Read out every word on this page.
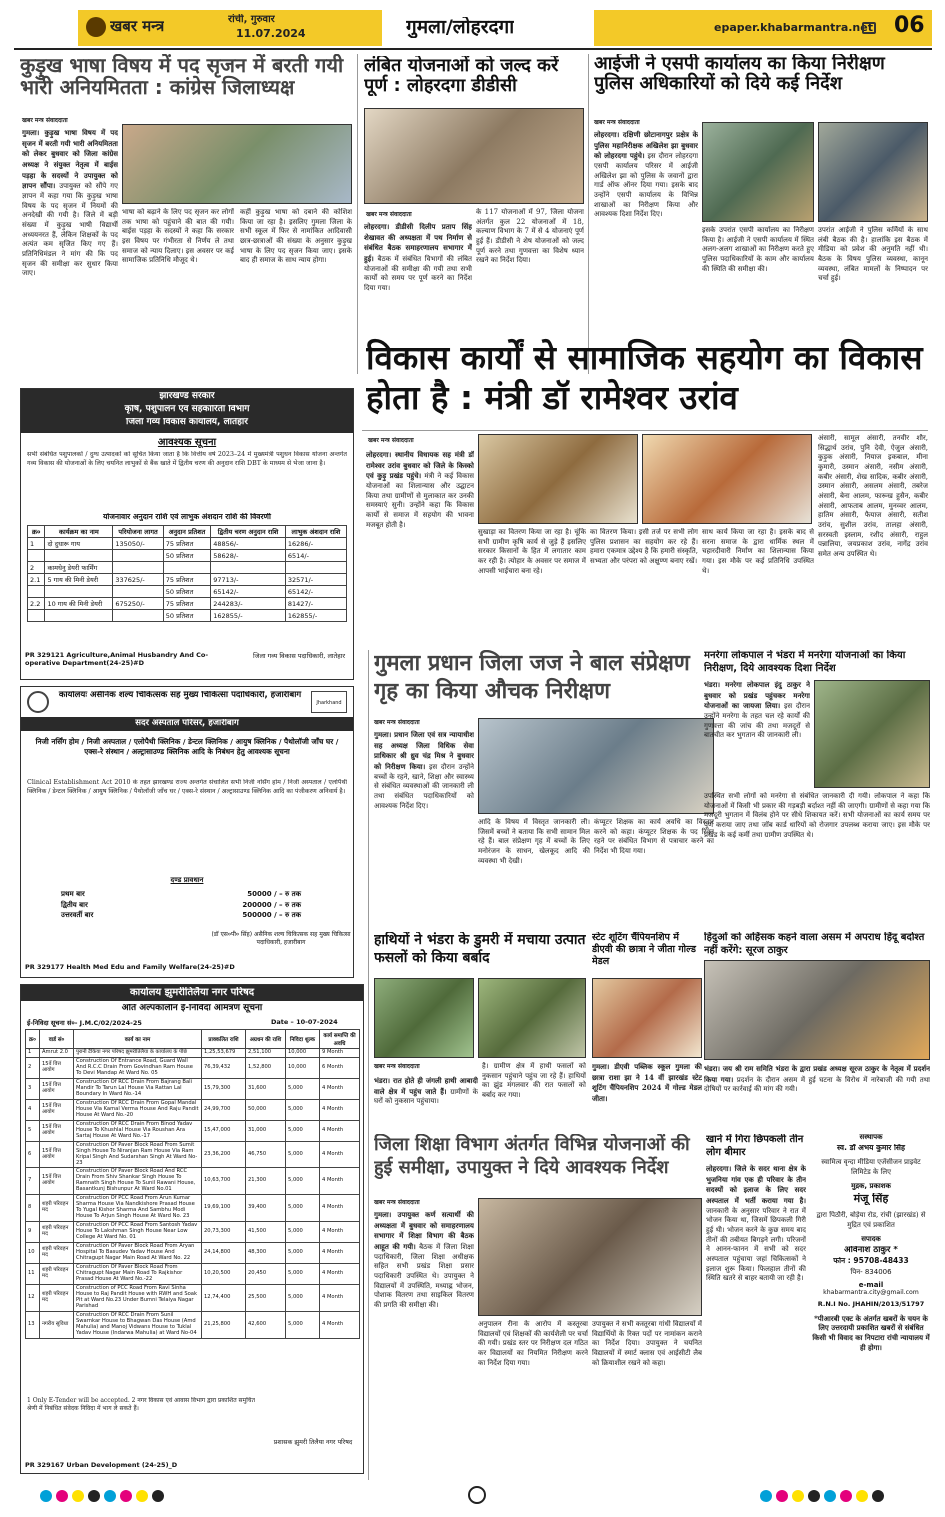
खबर मन्त्र	रांची, गुरुवार
11.07.2024	गुमला/लोहरदगा	epaper.khabarmantra.net 06
कुड़ुख भाषा विषय में पद सृजन में बरती गयी भारी अनियमितता : कांग्रेस जिलाध्यक्ष
खबर मन्त्र संवाददाता
गुमला। कुड़ुख भाषा विषय में पद सृजन में बरती गयी भारी अनियमितता को लेकर बुधवार को जिला कांग्रेस अध्यक्ष ने संयुक्त नेतृत्व में बाईस पड़हा के सदस्यों ने उपायुक्त को ज्ञापन सौंपा। उपायुक्त को सौंपे गए ज्ञापन में कहा गया कि कुड़ुख भाषा विषय के पद सृजन में नियमों की अनदेखी की गयी है। जिले में बड़ी संख्या में कुड़ुख भाषी विद्यार्थी अध्ययनरत हैं, लेकिन शिक्षकों के पद अत्यंत कम सृजित किए गए हैं। प्रतिनिधिमंडल ने मांग की कि पद सृजन की समीक्षा कर सुधार किया जाए।
भाषा को बढ़ाने के लिए पद सृजन कर लोगों तक भाषा को पहुंचाने की बात की गयी। बाईस पड़हा के सदस्यों ने कहा कि सरकार इस विषय पर गंभीरता से निर्णय ले तथा समाज को न्याय दिलाए। इस अवसर पर कई सामाजिक प्रतिनिधि मौजूद थे।
कहीं कुड़ुख भाषा को दबाने की कोशिश किया जा रहा है। इसलिए गुमला जिला के सभी स्कूल में फिर से नामांकित आदिवासी छात्र-छात्राओं की संख्या के अनुसार कुड़ुख भाषा के लिए पद सृजन किया जाए। इसके बाद ही समाज के साथ न्याय होगा।
लंबित योजनाओं को जल्द करें पूर्ण : लोहरदगा डीडीसी
खबर मन्त्र संवाददाता
लोहरदगा। डीडीसी दिलीप प्रताप सिंह शेखावत की अध्यक्षता में पथ निर्माण से संबंधित बैठक समाहरणालय सभागार में हुई। बैठक में संबंधित विभागों की लंबित योजनाओं की समीक्षा की गयी तथा सभी कार्यों को समय पर पूर्ण करने का निर्देश दिया गया।
के 117 योजनाओं में 97, जिला योजना अंतर्गत कुल 22 योजनाओं में 18, कल्याण विभाग के 7 में से 4 योजनाएं पूर्ण हुई हैं। डीडीसी ने शेष योजनाओं को जल्द पूर्ण करने तथा गुणवत्ता का विशेष ध्यान रखने का निर्देश दिया।
आईजी ने एसपी कार्यालय का किया निरीक्षण पुलिस अधिकारियों को दिये कई निर्देश
खबर मन्त्र संवाददाता
लोहरदगा। दक्षिणी छोटानागपुर प्रक्षेत्र के पुलिस महानिरीक्षक अखिलेश झा बुधवार को लोहरदगा पहुंचे। इस दौरान लोहरदगा एसपी कार्यालय परिसर में आईजी अखिलेश झा को पुलिस के जवानों द्वारा गार्ड ऑफ ऑनर दिया गया। इसके बाद उन्होंने एसपी कार्यालय के विभिन्न शाखाओं का निरीक्षण किया और आवश्यक दिशा निर्देश दिए।
इसके उपरांत एसपी कार्यालय का निरीक्षण किया है। आईजी ने एसपी कार्यालय में स्थित अलग-अलग शाखाओं का निरीक्षण करते हुए पुलिस पदाधिकारियों के काम और कार्यालय की स्थिति की समीक्षा की।
उपरांत आईजी ने पुलिस कर्मियों के साथ लंबी बैठक की है। हालांकि इस बैठक में मीडिया को प्रवेश की अनुमति नहीं थी। बैठक के विषय पुलिस व्यवस्था, कानून व्यवस्था, लंबित मामलों के निष्पादन पर चर्चा हुई।
विकास कार्यों से सामाजिक सहयोग का विकास होता है : मंत्री डॉ रामेश्वर उरांव
खबर मन्त्र संवाददाता
लोहरदगा। स्थानीय विधायक सह मंत्री डॉ रामेश्वर उरांव बुधवार को जिले के किस्को एवं कुड़ु प्रखंड पहुंचे। मंत्री ने कई विकास योजनाओं का शिलान्यास और उद्घाटन किया तथा ग्रामीणों से मुलाकात कर उनकी समस्याएं सुनी। उन्होंने कहा कि विकास कार्यों से समाज में सहयोग की भावना मजबूत होती है।
सुखाड़ा का वितरण किया जा रहा है। चूंकि सभी ग्रामीण कृषि कार्य से जुड़े हैं इसलिए सरकार किसानों के हित में लगातार काम कर रही है। त्योहार के अवसर पर समाज में आपसी भाईचारा बना रहे।
का वितरण किया। इसी तर्ज पर सभी लोग पुलिस प्रशासन का सहयोग कर रहे हैं। हमारा एकमात्र उद्देश्य है कि हमारी संस्कृति, सभ्यता और परंपरा को अक्षुण्ण बनाए रखें।
साथ कार्य किया जा रहा है। इसके बाद से सरना समाज के द्वारा धार्मिक स्थल में चहारदीवारी निर्माण का शिलान्यास किया गया। इस मौके पर कई प्रतिनिधि उपस्थित थे।
अंसारी, सामूल अंसारी, तनवीर शौर, सिद्धार्थ उरांव, पुनि देवी, ऐजुल अंसारी, कुड़ुक अंसारी, नियाज इकबाल, मीना कुमारी, उस्मान अंसारी, नसीम अंसारी, कबीर अंसारी, शेख सादिक, कबीर अंसारी, उस्मान अंसारी, असलम अंसारी, तबरेज अंसारी, बेना आलम, फारूख हुसैन, कबीर अंसारी, आफताब आलम, मुनव्वर आलम, हातिम अंसारी, फैयाज अंसारी, सतीश उरांव, सुशील उरांव, तालहा अंसारी, सरस्वती इस्लाम, रशीद अंसारी, राहुल पन्नालिया, जयप्रकाश उरांव, नागेंद्र उरांव समेत अन्य उपस्थित थे।
झारखण्ड सरकार
कृषि, पशुपालन एवं सहकारिता विभाग
जिला गव्य विकास कार्यालय, लातेहार
आवश्यक सूचना
सभी संबंधित पशुपालकों / दुग्ध उत्पादकों को सूचित किया जाता है कि वित्तीय वर्ष 2023–24 में मुख्यमंत्री पशुधन विकास योजना अन्तर्गत गव्य विकास की योजनाओं के लिए चयनित लाभुकों से बैंक खाते में द्वितीय चरण की अनुदान राशि DBT के माध्यम से भेजा जाना है।
योजनावार अनुदान राशि एवं लाभुक अंशदान राशि की विवरणी
क्र०	कार्यक्रम का नाम	परियोजना लागत	अनुदान प्रतिशत	द्वितीय चरण अनुदान राशि	लाभुक अंशदान राशि
1	दो दुधारू गाय	135050/-	75 प्रतिशत	48856/-	16286/-
			50 प्रतिशत	58628/-	6514/-
2	कामधेनु डेयरी फार्मिंग				
2.1	5 गाय की मिनी डेयरी	337625/-	75 प्रतिशत	97713/-	32571/-
			50 प्रतिशत	65142/-	65142/-
2.2	10 गाय की मिनी डेयरी	675250/-	75 प्रतिशत	244283/-	81427/-
			50 प्रतिशत	162855/-	162855/-
PR 329121 Agriculture,Animal Husbandry And Co-operative Department(24-25)#D
जिला गव्य विकास पदाधिकारी, लातेहार
Jharkhand
कार्यालयः असैनिक शल्य चिकित्सक सह मुख्य चिकित्सा पदाधिकारी, हजारीबाग
सदर अस्पताल परिसर, हजारीबाग
निजी नर्सिंग होम / निजी अस्पताल / एलोपैथी क्लिनिक / डेन्टल क्लिनिक / आयुष क्लिनिक / पैथोलॉजी जाँच घर / एक्स-रे संस्थान / अल्ट्रासाउण्ड क्लिनिक आदि के निबंधन हेतु आवश्यक सूचना
Clinical Establishment Act 2010 के तहत झारखण्ड राज्य अन्तर्गत संचालित सभी निजी नर्सिंग होम / निजी अस्पताल / एलोपैथी क्लिनिक / डेन्टल क्लिनिक / आयुष क्लिनिक / पैथोलॉजी जाँच घर / एक्स-रे संस्थान / अल्ट्रासाउण्ड क्लिनिक आदि का पंजीकरण अनिवार्य है।
दण्ड प्रावधान
प्रथम बार	50000 / – रु तक
द्वितीय बार	200000 / – रु तक
उत्तरवर्ती बार	500000 / – रु तक
(डॉ एस०पी० सिंह) असैनिक शल्य चिकित्सक सह मुख्य चिकित्सा पदाधिकारी, हजारीबाग
PR 329177 Health Med Edu and Family Welfare(24-25)#D
कार्यालय झुमरीतिलैया नगर परिषद
अति अल्पकालीन ई-निविदा आमंत्रण सूचना
ई-निविदा सूचना सं०- J.M.C/02/2024-25	Date – 10-07-2024
क्र०	वार्ड सं०	कार्य का नाम	प्राक्कलित राशि	अग्रधन की राशि	निविदा शुल्क	कार्य समाप्ति की अवधि
1	Amrut 2.0	पुरानी टैंकिया नगर परिषद झुमरीतिलैया के कार्यालय के पीछे	1,25,53,679	2,51,100	10,000	9 Month
2	15वें वित्त आयोग	Construction Of Entrance Road, Guard Wall And R.C.C Drain From Govindhan Ram House To Devi Mandap At Ward No. 05	76,39,432	1,52,800	10,000	6 Month
3	15वें वित्त आयोग	Construction Of RCC Drain From Bajrang Bali Mandir To Tarun Lal House Via Rattan Lal Boundary In Ward No.-14	15,79,300	31,600	5,000	4 Month
4	15वें वित्त आयोग	Construction Of RCC Drain From Gopal Mandal House Via Kamal Verma House And Raju Pandit House At Ward No.-20	24,99,700	50,000	5,000	4 Month
5	15वें वित्त आयोग	Construction Of RCC Drain From Binod Yadav House To Khushlal House Via Roushan Ara Sartaj House At Ward No.-17	15,47,000	31,000	5,000	4 Month
6	15वें वित्त आयोग	Construction Of Paver Block Road From Sumit Singh House To Niranjan Ram House Via Ram Kripal Singh And Sudarshan Singh At Ward No-23	23,36,200	46,750	5,000	4 Month
7	15वें वित्त आयोग	Construction Of Paver Block Road And RCC Drain From Shiv Shankar Singh House To Ramnath Singh House To Sunil Rawani House, Basantkunj Bishunpur At Ward No.01	10,63,700	21,300	5,000	4 Month
8	शहरी परिवहन मद	Construction Of PCC Road From Arun Kumar Sharma House Via Nandkishore Prasad House To Yugal Kishor Sharma And Sambhu Modi House To Arjun Singh House At Ward No. 23	19,69,100	39,400	5,000	4 Month
9	शहरी परिवहन मद	Construction Of PCC Road From Santosh Yadav House To Lakshman Singh House Near Low College At Ward No. 01	20,73,300	41,500	5,000	4 Month
10	शहरी परिवहन मद	Construction Of Paver Block Road From Aryan Hospital To Basudev Yadav House And Chitragupt Nagar Main Road At Ward No. 22	24,14,800	48,300	5,000	4 Month
11	शहरी परिवहन मद	Construction Of Paver Block Road From Chitragupt Nagar Main Road To Rajkishor Prasad House At Ward No.-22	10,20,500	20,450	5,000	4 Month
12	शहरी परिवहन मद	Construction of PCC Road From Ravi Sinha House to Raj Pandit House with RWH and Soak Pit at Ward No.23 Under Bumni Telaiya Nagar Parishad	12,74,400	25,500	5,000	4 Month
13	नगरीय सुविधा	Construction Of RCC Drain From Sunil Swarnkar House to Bhagwan Das House (Amd Mahulia) and Manoj Vidwans House to Tuklal Yadav House (Indarwa Mahulia) at Ward No-04	21,25,800	42,600	5,000	4 Month
1 Only E-Tender will be accepted. 2 नगर विकास एवं आवास विभाग द्वारा प्रकाशित समुचित श्रेणी में निबंधित संवेदक निविदा में भाग ले सकते हैं।
प्रशासक झुमरी तिलैया नगर परिषद
PR 329167 Urban Development (24-25)_D
गुमला प्रधान जिला जज ने बाल संप्रेक्षण गृह का किया औचक निरीक्षण
खबर मन्त्र संवाददाता
गुमला। प्रधान जिला एवं सत्र न्यायाधीश सह अध्यक्ष जिला विधिक सेवा प्राधिकार श्री ध्रुव चंद्र मिश्र ने बुधवार को निरीक्षण किया। इस दौरान उन्होंने बच्चों के रहने, खाने, शिक्षा और स्वास्थ्य से संबंधित व्यवस्थाओं की जानकारी ली तथा संबंधित पदाधिकारियों को आवश्यक निर्देश दिए।
आदि के विषय में विस्तृत जानकारी ली। जिसमें बच्चों ने बताया कि सभी सामान मिल रहे हैं। बाल संप्रेक्षण गृह में बच्चों के लिए मनोरंजन के साधन, खेलकूद आदि की व्यवस्था भी देखी।
कंप्यूटर शिक्षक का कार्य अवधि का विस्तार करने को कहा। कंप्यूटर शिक्षक के पद रिक्त रहने पर संबंधित विभाग से पत्राचार करने का निर्देश भी दिया गया।
मनरेगा लोकपाल ने भंडरा में मनरेगा योजनाओं का किया निरीक्षण, दिये आवश्यक दिशा निर्देश
भंडरा। मनरेगा लोकपाल इंदु ठाकुर ने बुधवार को प्रखंड पहुंचकर मनरेगा योजनाओं का जायजा लिया। इस दौरान उन्होंने मनरेगा के तहत चल रहे कार्यों की गुणवत्ता की जांच की तथा मजदूरों से बातचीत कर भुगतान की जानकारी ली।
उपस्थित सभी लोगों को मनरेगा से संबंधित जानकारी दी गयी। लोकपाल ने कहा कि योजनाओं में किसी भी प्रकार की गड़बड़ी बर्दाश्त नहीं की जाएगी। ग्रामीणों से कहा गया कि मजदूरी भुगतान में विलंब होने पर सीधे शिकायत करें। सभी योजनाओं का कार्य समय पर पूर्ण कराया जाए तथा जॉब कार्ड धारियों को रोजगार उपलब्ध कराया जाए। इस मौके पर प्रखंड के कई कर्मी तथा ग्रामीण उपस्थित थे।
हिंदुओं को अहिंसक कहने वाला असम में अपराध हिंदू बर्दाश्त नहीं करेंगे: सूरज ठाकुर
भंडरा। जय श्री राम समिति भंडरा के द्वारा प्रखंड अध्यक्ष सूरज ठाकुर के नेतृत्व में प्रदर्शन किया गया। प्रदर्शन के दौरान असम में हुई घटना के विरोध में नारेबाजी की गयी तथा दोषियों पर कार्रवाई की मांग की गयी।
हाथियों ने भंडरा के डुमरी में मचाया उत्पात फसलों को किया बर्बाद
खबर मन्त्र संवाददाता
भंडरा। रात होते ही जंगली हाथी आबादी वाले क्षेत्र में पहुंच जाते हैं। ग्रामीणों के घरों को नुकसान पहुंचाया।
है। ग्रामीण क्षेत्र में हाथी फसलों को नुकसान पहुंचाने पहुंच जा रहे हैं। हाथियों का झुंड मंगलवार की रात फसलों को बर्बाद कर गया।
स्टेट शूटिंग चैंपियनशिप में डीएवी की छात्रा ने जीता गोल्ड मेडल
गुमला। डीएवी पब्लिक स्कूल गुमला की छात्रा राशा झा ने 14 वीं झारखंड स्टेट शूटिंग चैंपियनशिप 2024 में गोल्ड मेडल जीता।
जिला शिक्षा विभाग अंतर्गत विभिन्न योजनाओं की हुई समीक्षा, उपायुक्त ने दिये आवश्यक निर्देश
खबर मन्त्र संवाददाता
गुमला। उपायुक्त कर्ण सत्यार्थी की अध्यक्षता में बुधवार को समाहरणालय सभागार में शिक्षा विभाग की बैठक आहूत की गयी। बैठक में जिला शिक्षा पदाधिकारी, जिला शिक्षा अधीक्षक सहित सभी प्रखंड शिक्षा प्रसार पदाधिकारी उपस्थित थे। उपायुक्त ने विद्यालयों में उपस्थिति, मध्याह्न भोजन, पोशाक वितरण तथा साइकिल वितरण की प्रगति की समीक्षा की।
अनुपालन रीना के आरोप में कस्तूरबा विद्यालयों एवं शिक्षकों की कार्यशैली पर चर्चा की गयी। प्रखंड स्तर पर निरीक्षण दल गठित कर विद्यालयों का नियमित निरीक्षण करने का निर्देश दिया गया।
उपायुक्त ने सभी कस्तूरबा गांधी विद्यालयों में विद्यार्थियों के रिक्त पदों पर नामांकन कराने का निर्देश दिया। उपायुक्त ने चयनित विद्यालयों में स्मार्ट क्लास एवं आईसीटी लैब को क्रियाशील रखने को कहा।
खाने में गिरा छिपकली तीन लोग बीमार
लोहरदगा। जिले के सदर थाना क्षेत्र के भुजनिया गांव एक ही परिवार के तीन सदस्यों को इलाज के लिए सदर अस्पताल में भर्ती कराया गया है। जानकारी के अनुसार परिवार ने रात में भोजन किया था, जिसमें छिपकली गिरी हुई थी। भोजन करने के कुछ समय बाद तीनों की तबीयत बिगड़ने लगी। परिजनों ने आनन-फानन में सभी को सदर अस्पताल पहुंचाया जहां चिकित्सकों ने इलाज शुरू किया। फिलहाल तीनों की स्थिति खतरे से बाहर बतायी जा रही है।
संस्थापक
स्व. डॉ अभय कुमार सिंह
स्वामित्व वृन्दा मीडिया एजेंसीजन प्राइवेट लिमिटेड के लिए
मुद्रक, प्रकाशक
मंजू सिंह
द्वारा पिठौरी, बोड़ेया रोड, रांची (झारखंड) से मुद्रित एवं प्रकाशित
संपादक
अविनाश ठाकुर *
फोन : 95708-48433
पिन- 834006
e-mail
khabarmantra.city@gmail.com
R.N.I No. JHAHIN/2013/51797
*पीआरबी एक्ट के अंतर्गत खबरों के चयन के लिए उत्तरदायी प्रकाशित खबरों से संबंधित किसी भी विवाद का निपटारा रांची न्यायालय में ही होगा।
